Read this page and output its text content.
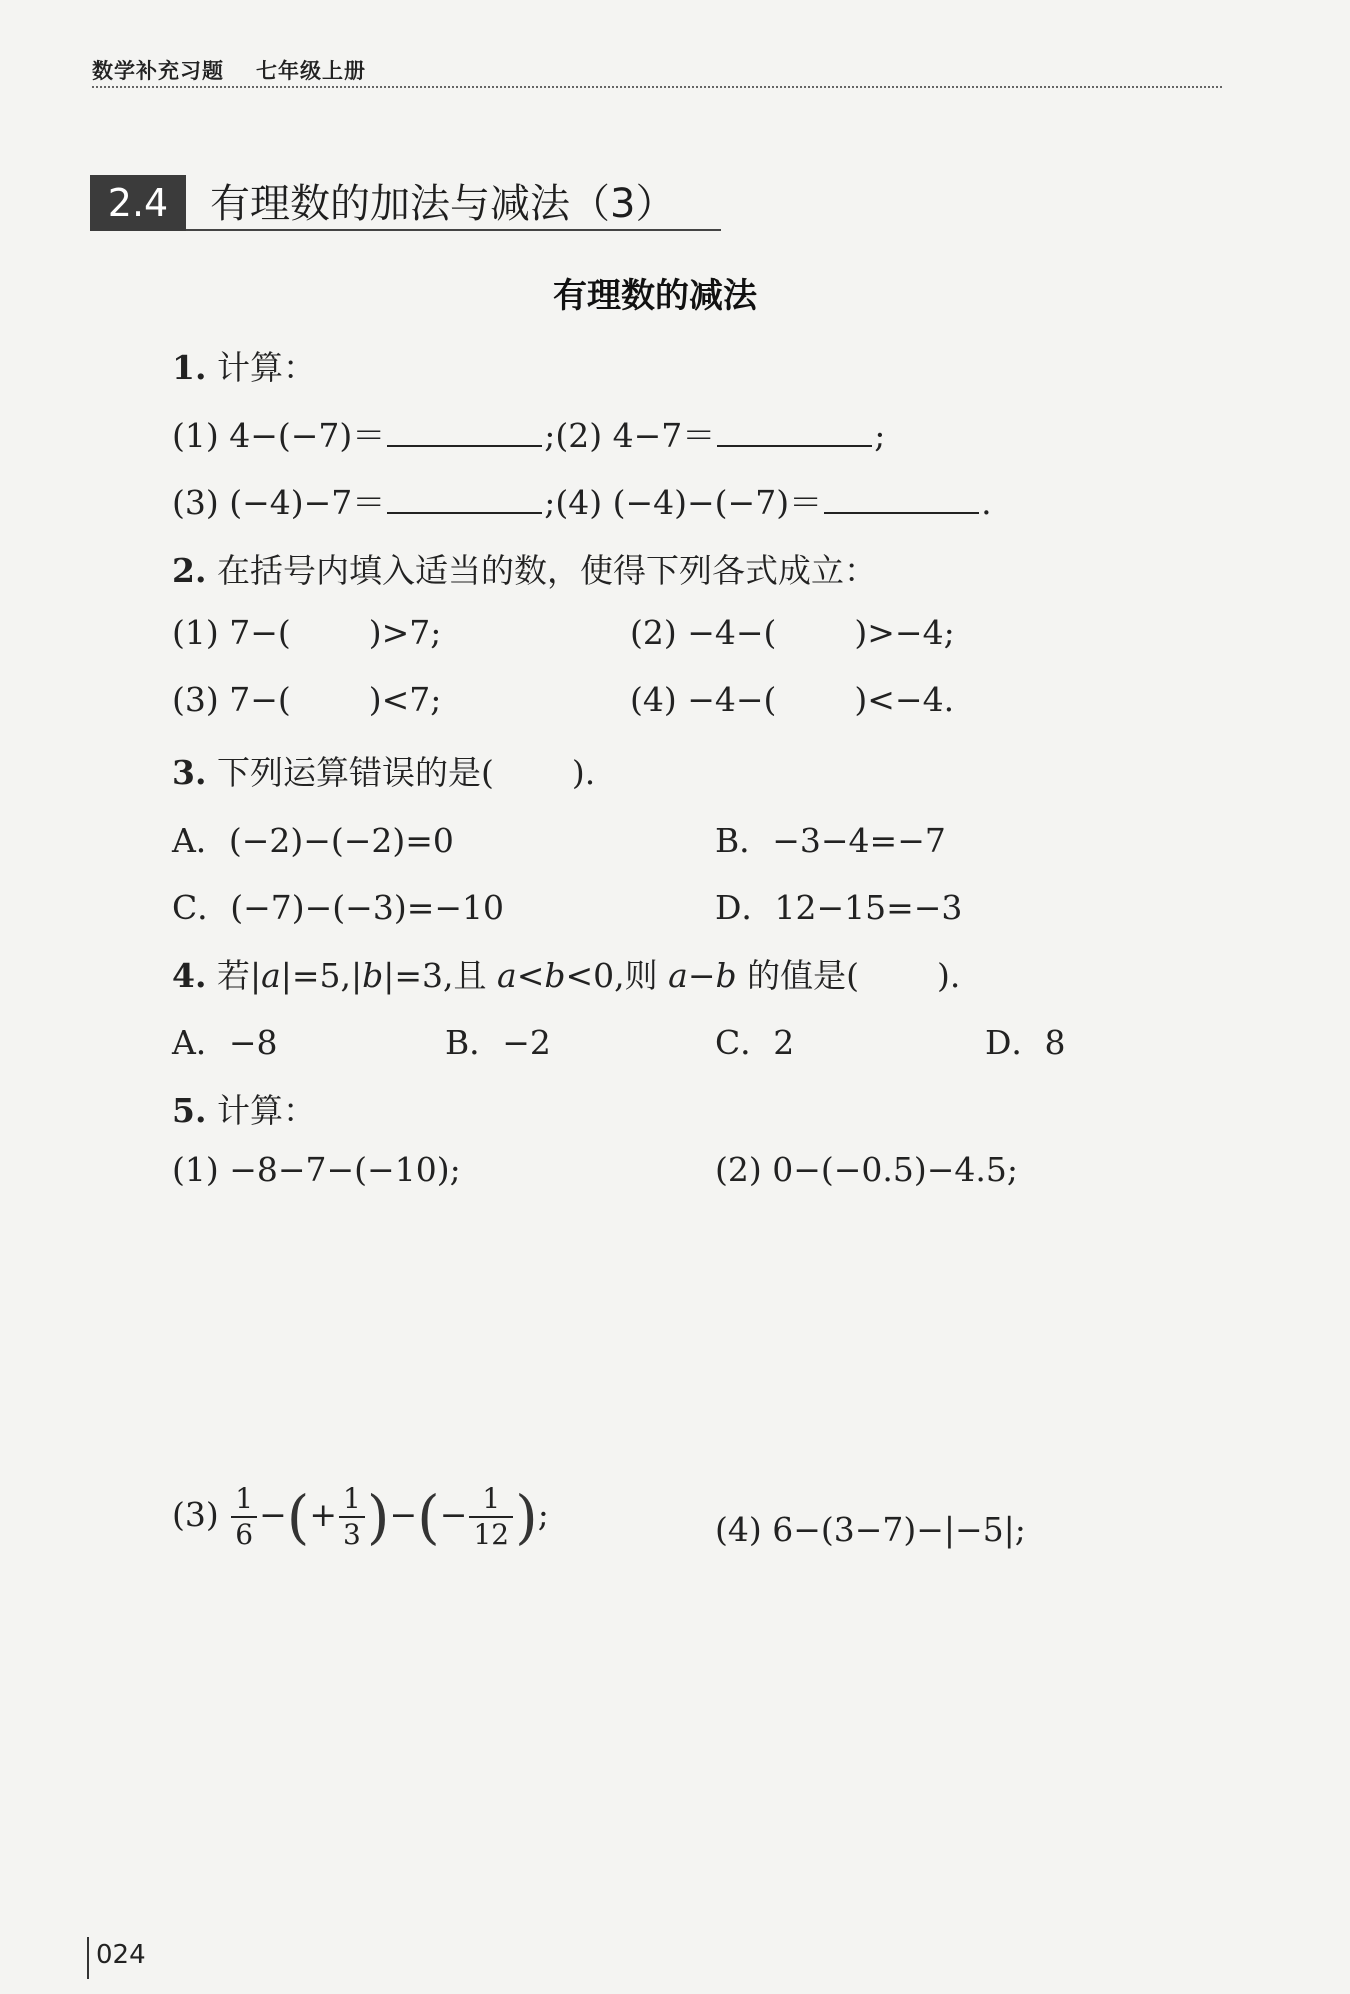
数学补充习题 七年级上册
2.4	有理数的加法与减法（3）
有理数的减法
1. 计算：
(1) 4−(−7)＝	;(2) 4−7＝	;
(3) (−4)−7＝	;(4) (−4)−(−7)＝	.
2. 在括号内填入适当的数，使得下列各式成立：
(1) 7−( )>7;	(2) −4−( )>−4;
(3) 7−( )<7;	(4) −4−( )<−4.
3. 下列运算错误的是( ).
A．(−2)−(−2)=0	B．−3−4=−7
C．(−7)−(−3)=−10	D．12−15=−3
4. 若|a|=5,|b|=3,且 a<b<0,则 a−b 的值是( ).
A．−8	B．−2	C．2	D．8
5. 计算：
(1) −8−7−(−10);	(2) 0−(−0.5)−4.5;
$(3) \frac{1}{6}$ −(+ $\frac{1}{3}$ )−(− $\frac{1}{12}$ );	(4) 6−(3−7)−|−5|;
024
